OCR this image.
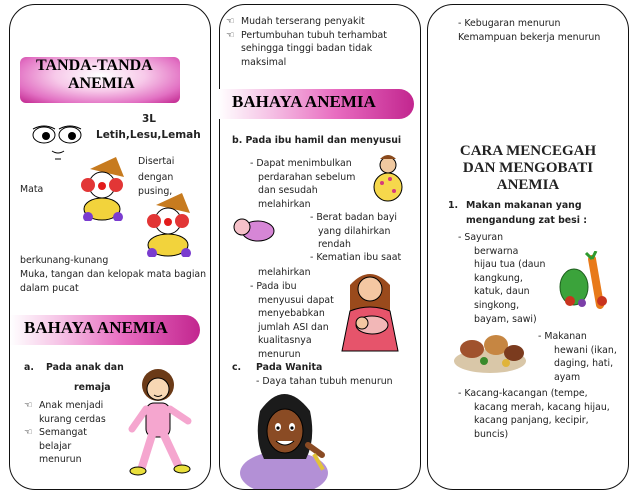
TANDA-TANDA
ANEMIA
3L
Letih,Lesu,Lemah
Disertai
dengan pusing,
Mata
berkunang-kunang
Muka, tangan dan kelopak mata bagian
dalam pucat
BAHAYA ANEMIA
a. Pada anak dan
remaja
☜ Anak menjadi
kurang cerdas
☜ Semangat
belajar
menurun
☜ Mudah terserang penyakit
☜ Pertumbuhan tubuh terhambat
sehingga tinggi badan tidak
maksimal
BAHAYA ANEMIA
b. Pada ibu hamil dan menyusui
- Dapat menimbulkan
perdarahan sebelum
dan sesudah
melahirkan
- Berat badan bayi
yang dilahirkan
rendah
- Kematian ibu saat
melahirkan
- Pada ibu
menyusui dapat
menyebabkan
jumlah ASI dan
kualitasnya
menurun
c. Pada Wanita
- Daya tahan tubuh menurun
- Kebugaran menurun
Kemampuan bekerja menurun
CARA MENCEGAH
DAN MENGOBATI
ANEMIA
1. Makan makanan yang
mengandung zat besi :
- Sayuran
berwarna
hijau tua (daun
kangkung,
katuk, daun
singkong,
bayam, sawi)
- Makanan
hewani (ikan,
daging, hati,
ayam
- Kacang-kacangan (tempe,
kacang merah, kacang hijau,
kacang panjang, kecipir,
buncis)
